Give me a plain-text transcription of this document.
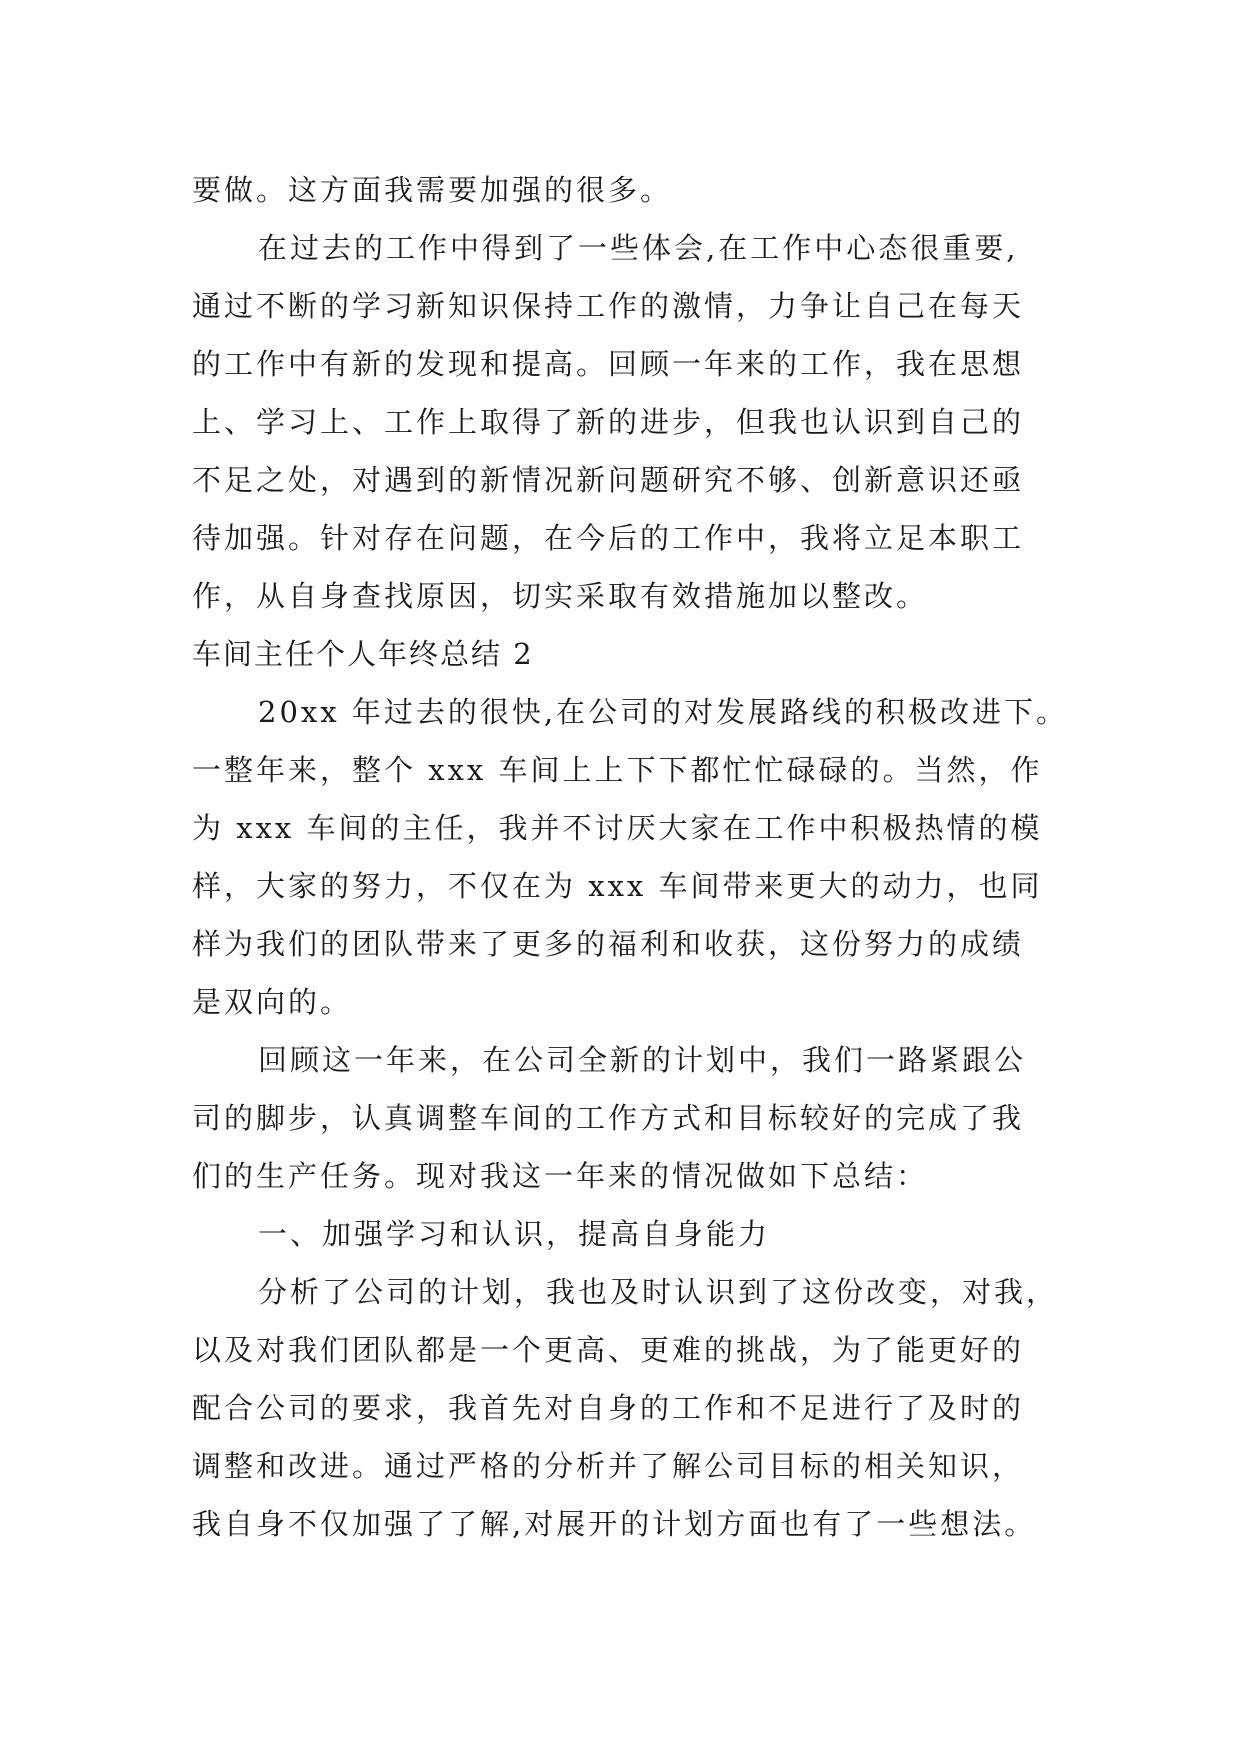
要做。这方面我需要加强的很多。

在过去的工作中得到了一些体会,在工作中心态很重要,

通过不断的学习新知识保持工作的激情，力争让自己在每天

的工作中有新的发现和提高。回顾一年来的工作，我在思想

上、学习上、工作上取得了新的进步，但我也认识到自己的

不足之处，对遇到的新情况新问题研究不够、创新意识还亟

待加强。针对存在问题，在今后的工作中，我将立足本职工

作，从自身查找原因，切实采取有效措施加以整改。

车间主任个人年终总结 2

20xx 年过去的很快,在公司的对发展路线的积极改进下。

一整年来，整个 xxx 车间上上下下都忙忙碌碌的。当然，作

为 xxx 车间的主任，我并不讨厌大家在工作中积极热情的模

样，大家的努力，不仅在为 xxx 车间带来更大的动力，也同

样为我们的团队带来了更多的福利和收获，这份努力的成绩

是双向的。

回顾这一年来，在公司全新的计划中，我们一路紧跟公

司的脚步，认真调整车间的工作方式和目标较好的完成了我

们的生产任务。现对我这一年来的情况做如下总结：

一、加强学习和认识，提高自身能力

分析了公司的计划，我也及时认识到了这份改变，对我，

以及对我们团队都是一个更高、更难的挑战，为了能更好的

配合公司的要求，我首先对自身的工作和不足进行了及时的

调整和改进。通过严格的分析并了解公司目标的相关知识，

我自身不仅加强了了解,对展开的计划方面也有了一些想法。
